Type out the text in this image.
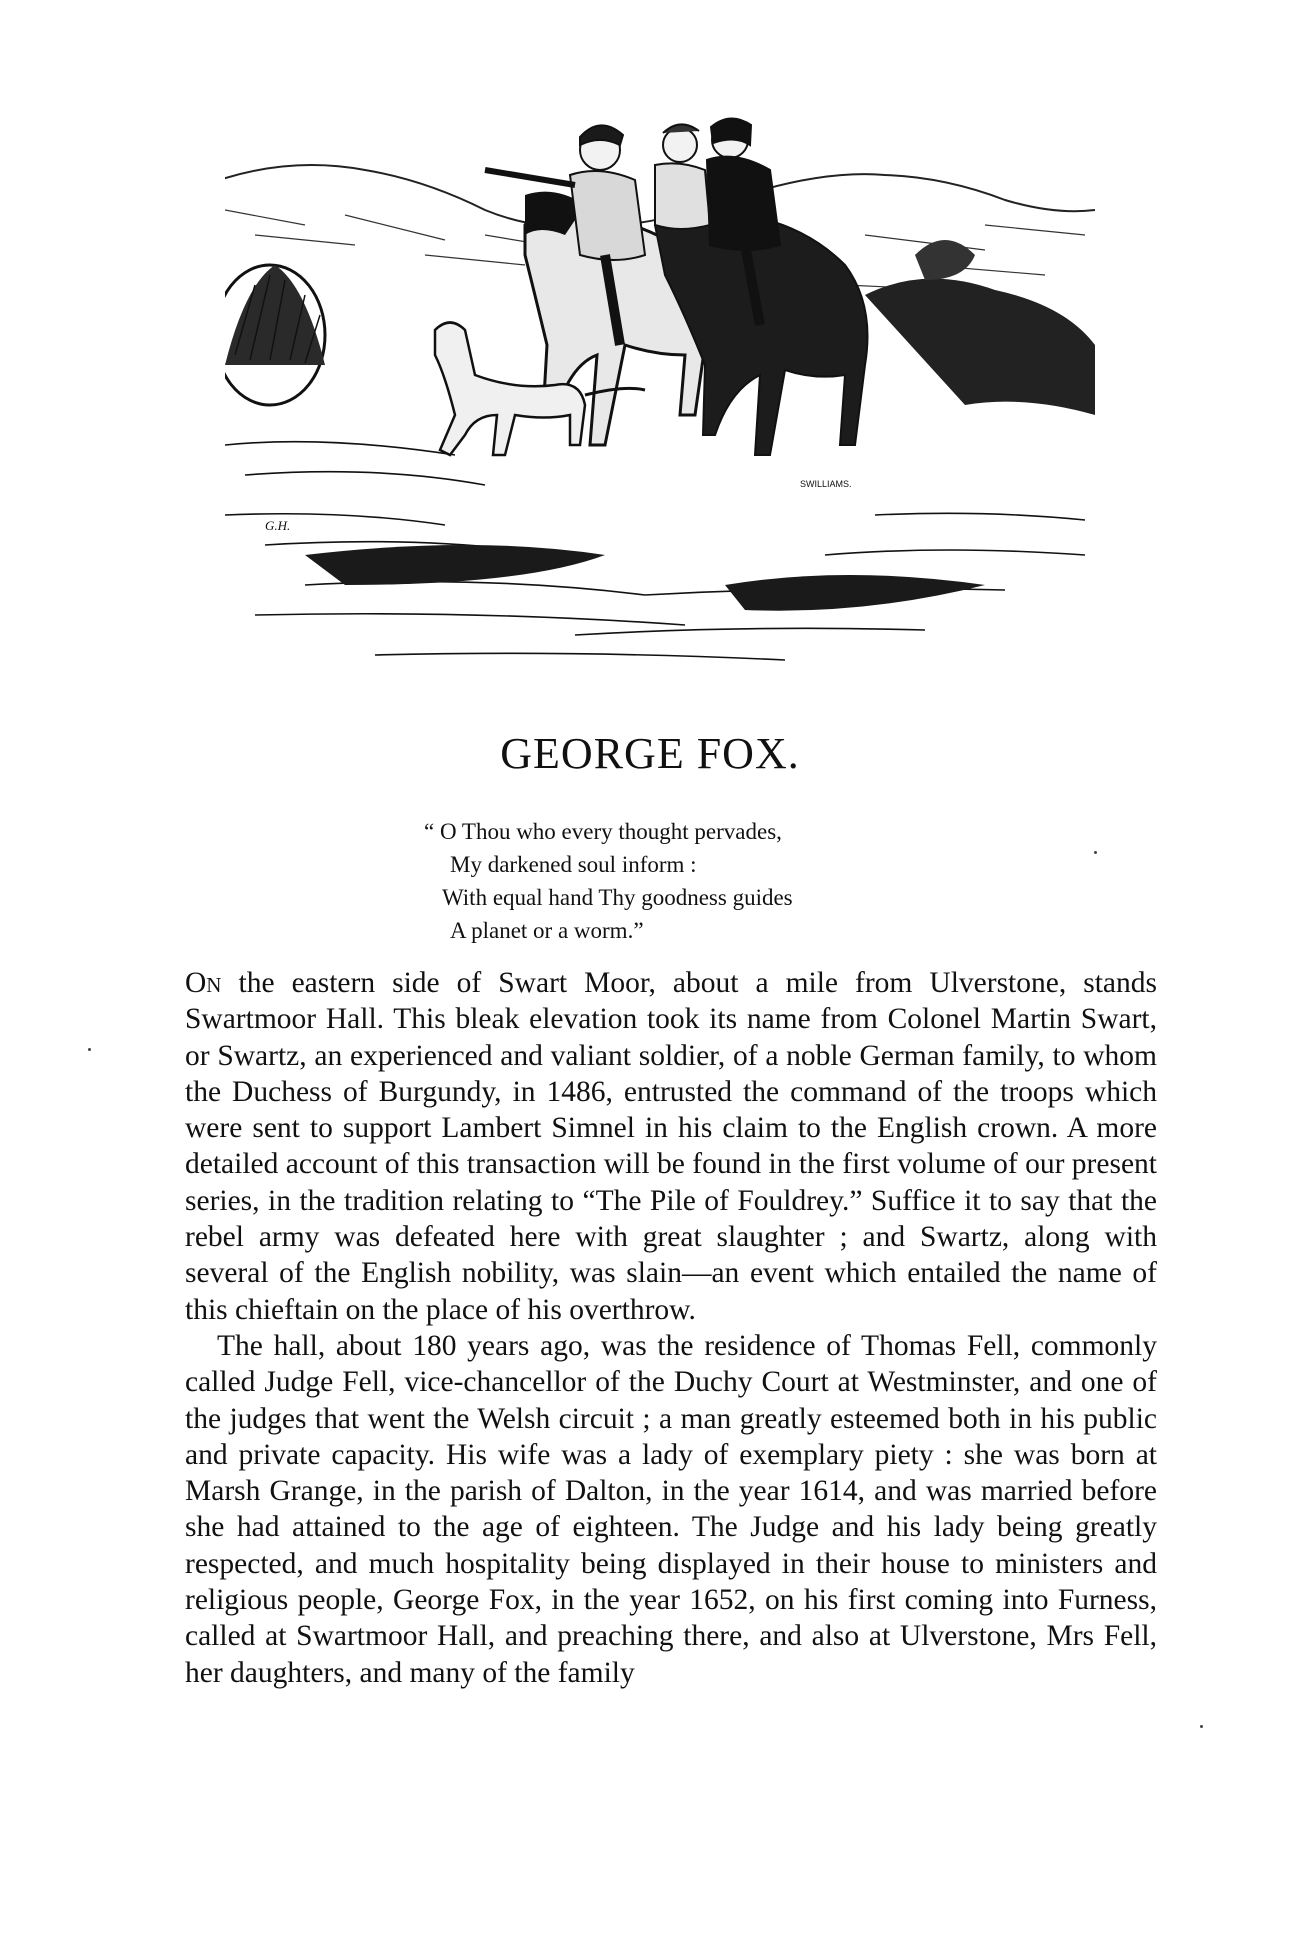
G.H.
SWILLIAMS.
GEORGE FOX.
“ O Thou who every thought pervades,
My darkened soul inform :
With equal hand Thy goodness guides
A planet or a worm.”

On the eastern side of Swart Moor, about a mile from Ulverstone, stands Swartmoor Hall. This bleak elevation took its name from Colonel Martin Swart, or Swartz, an experienced and valiant soldier, of a noble German family, to whom the Duchess of Burgundy, in 1486, entrusted the command of the troops which were sent to support Lambert Simnel in his claim to the English crown. A more detailed account of this transaction will be found in the first volume of our present series, in the tradition relating to “The Pile of Fouldrey.” Suffice it to say that the rebel army was defeated here with great slaughter ; and Swartz, along with several of the English nobility, was slain—an event which entailed the name of this chieftain on the place of his overthrow.

The hall, about 180 years ago, was the residence of Thomas Fell, commonly called Judge Fell, vice-chancellor of the Duchy Court at Westminster, and one of the judges that went the Welsh circuit ; a man greatly esteemed both in his public and private capacity. His wife was a lady of exemplary piety : she was born at Marsh Grange, in the parish of Dalton, in the year 1614, and was married before she had attained to the age of eighteen. The Judge and his lady being greatly respected, and much hospitality being displayed in their house to ministers and religious people, George Fox, in the year 1652, on his first coming into Furness, called at Swartmoor Hall, and preaching there, and also at Ulverstone, Mrs Fell, her daughters, and many of the family
